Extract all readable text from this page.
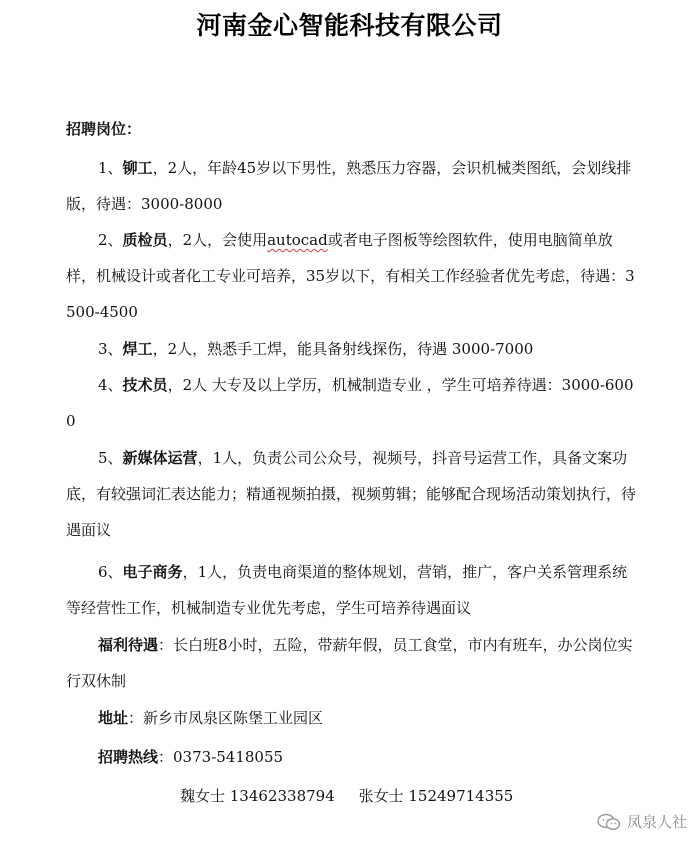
河南金心智能科技有限公司
招聘岗位：

1、铆工，2人，年龄45岁以下男性，熟悉压力容器，会识机械类图纸，会划线排版，待遇：3000-8000

2、质检员，2人，会使用autocad或者电子图板等绘图软件，使用电脑简单放样，机械设计或者化工专业可培养，35岁以下，有相关工作经验者优先考虑，待遇：3500-4500

3、焊工，2人，熟悉手工焊，能具备射线探伤，待遇 3000-7000

4、技术员，2人 大专及以上学历，机械制造专业 ，学生可培养待遇：3000-6000

5、新媒体运营，1人，负责公司公众号，视频号，抖音号运营工作，具备文案功底，有较强词汇表达能力；精通视频拍摄，视频剪辑；能够配合现场活动策划执行，待遇面议

6、电子商务，1人，负责电商渠道的整体规划，营销，推广，客户关系管理系统等经营性工作，机械制造专业优先考虑，学生可培养待遇面议

福利待遇：长白班8小时，五险，带薪年假，员工食堂，市内有班车，办公岗位实行双休制

地址：新乡市凤泉区陈堡工业园区
招聘热线：0373-5418055
魏女士 13462338794     张女士 15249714355
凤泉人社
